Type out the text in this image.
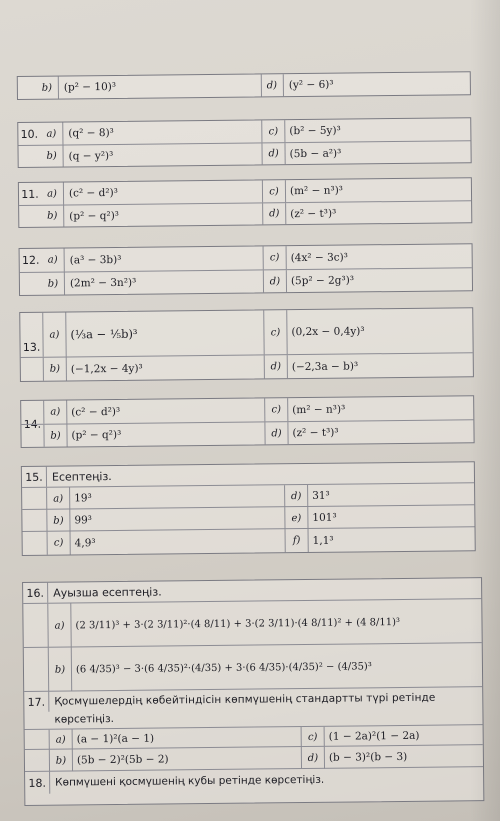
b)	(p² − 10)³	d)	(y² − 6)³
10. a)	(q² − 8)³	c)	(b² − 5y)³
b)	(q − y²)³	d)	(5b − a²)³
11. a)	(c² − d²)³	c)	(m² − n³)³
b)	(p² − q²)³	d)	(z² − t³)³
12. a)	(a³ − 3b)³	c)	(4x² − 3c)³
b)	(2m² − 3n²)³	d)	(5p² − 2g³)³
13.
a) (⅓a − ⅕b)³	c)	(0,2x − 0,4y)³
b)	(−1,2x − 4y)³	d)	(−2,3a − b)³
14.
a)	(c² − d²)³	c)	(m² − n³)³
b)	(p² − q²)³	d)	(z² − t³)³
15. Есептеңіз.
a)	19³	d)	31³
b)	99³	e)	101³
c)	4,9³	f)	1,1³
16. Ауызша есептеңіз.
a)	(2 3/11)³ + 3·(2 3/11)²·(4 8/11) + 3·(2 3/11)·(4 8/11)² + (4 8/11)³
b)	(6 4/35)³ − 3·(6 4/35)²·(4/35) + 3·(6 4/35)·(4/35)² − (4/35)³
17. Қосмүшелердің көбейтіндісін көпмүшенің стандартты түрі ретінде
көрсетіңіз.
a)	(a − 1)²(a − 1)	c)	(1 − 2a)²(1 − 2a)
b)	(5b − 2)²(5b − 2)	d)	(b − 3)²(b − 3)
18. Көпмүшені қосмүшенің кубы ретінде көрсетіңіз.
